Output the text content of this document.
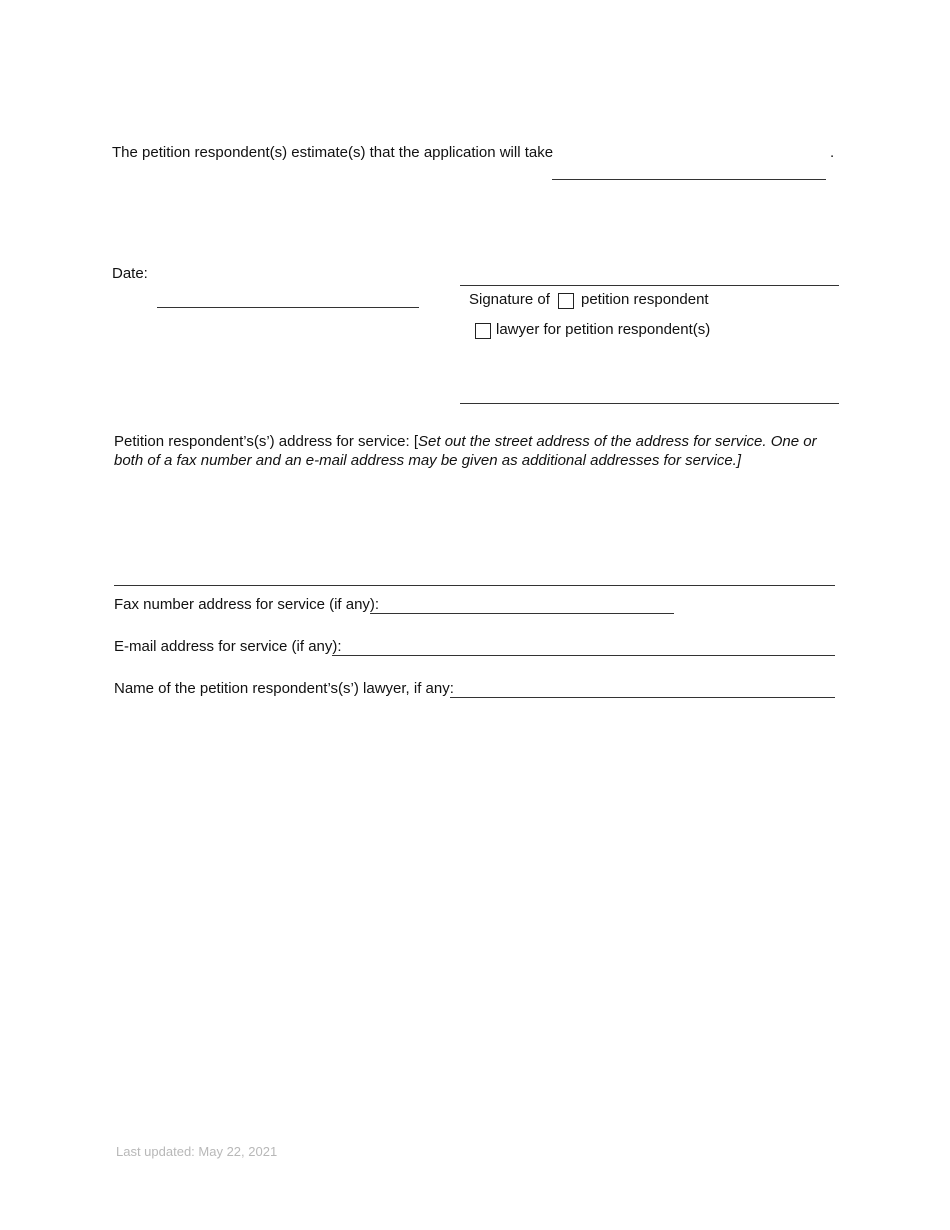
The petition respondent(s) estimate(s) that the application will take	.
Date:
Signature of petition respondent
lawyer for petition respondent(s)
Petition respondent’s(s’) address for service: [Set out the street address of the address for service. One or both of a fax number and an e-mail address may be given as additional addresses for service.]
Fax number address for service (if any):
E-mail address for service (if any):
Name of the petition respondent’s(s’) lawyer, if any:
Last updated: May 22, 2021
